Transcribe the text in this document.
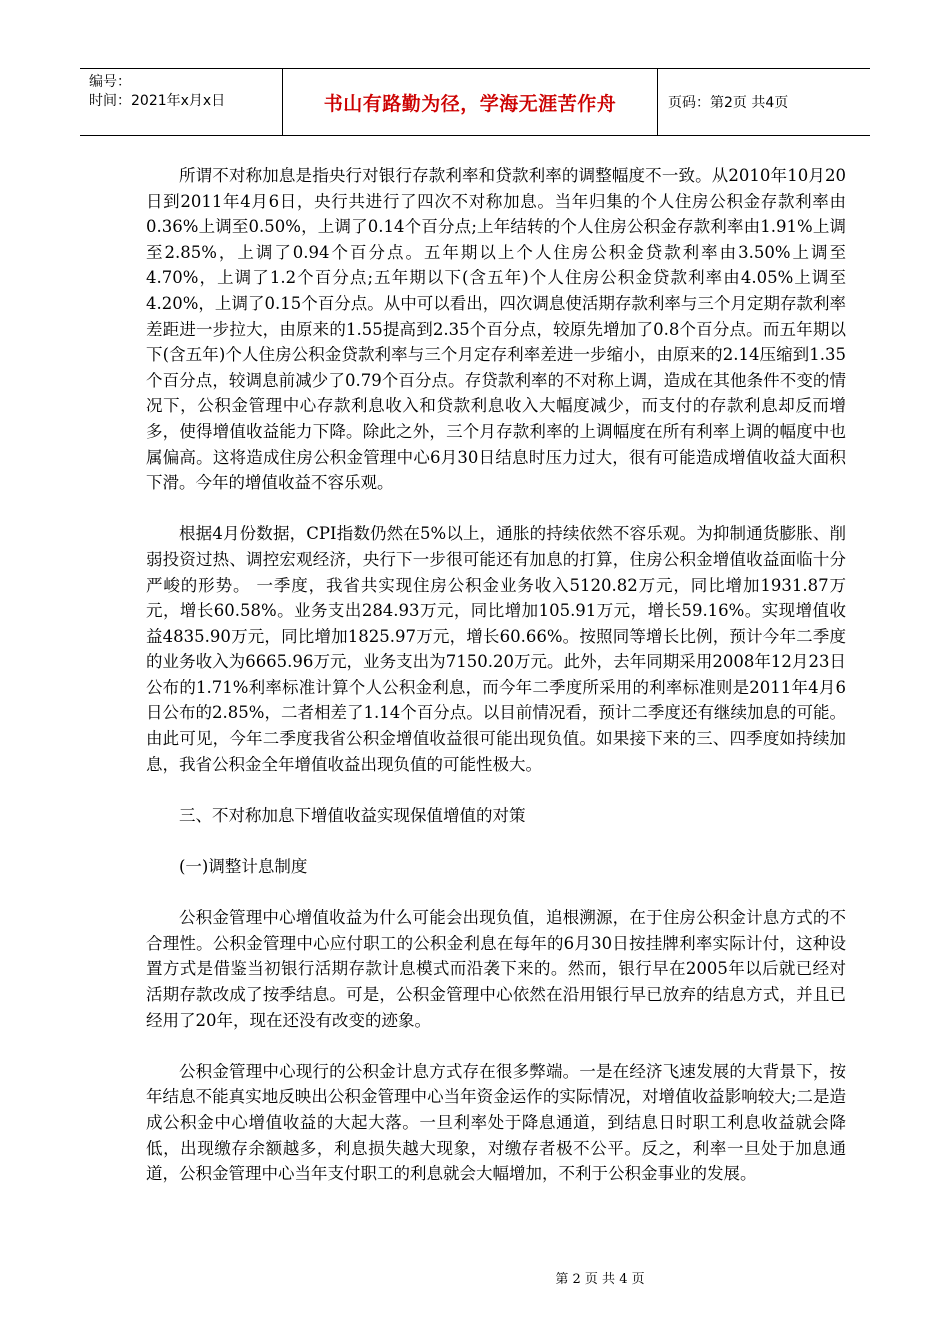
编号：
时间：2021年x月x日	书山有路勤为径，学海无涯苦作舟	页码：第2页 共4页

所谓不对称加息是指央行对银行存款利率和贷款利率的调整幅度不一致。从2010年10月20日到2011年4月6日，央行共进行了四次不对称加息。当年归集的个人住房公积金存款利率由0.36%上调至0.50%，上调了0.14个百分点;上年结转的个人住房公积金存款利率由1.91%上调至2.85%，上调了0.94个百分点。五年期以上个人住房公积金贷款利率由3.50%上调至4.70%，上调了1.2个百分点;五年期以下(含五年)个人住房公积金贷款利率由4.05%上调至4.20%，上调了0.15个百分点。从中可以看出，四次调息使活期存款利率与三个月定期存款利率差距进一步拉大，由原来的1.55提高到2.35个百分点，较原先增加了0.8个百分点。而五年期以下(含五年)个人住房公积金贷款利率与三个月定存利率差进一步缩小，由原来的2.14压缩到1.35个百分点，较调息前减少了0.79个百分点。存贷款利率的不对称上调，造成在其他条件不变的情况下，公积金管理中心存款利息收入和贷款利息收入大幅度减少，而支付的存款利息却反而增多，使得增值收益能力下降。除此之外，三个月存款利率的上调幅度在所有利率上调的幅度中也属偏高。这将造成住房公积金管理中心6月30日结息时压力过大，很有可能造成增值收益大面积下滑。今年的增值收益不容乐观。

根据4月份数据，CPI指数仍然在5%以上，通胀的持续依然不容乐观。为抑制通货膨胀、削弱投资过热、调控宏观经济，央行下一步很可能还有加息的打算，住房公积金增值收益面临十分严峻的形势。 一季度，我省共实现住房公积金业务收入5120.82万元，同比增加1931.87万元，增长60.58%。业务支出284.93万元，同比增加105.91万元，增长59.16%。实现增值收益4835.90万元，同比增加1825.97万元，增长60.66%。按照同等增长比例，预计今年二季度的业务收入为6665.96万元，业务支出为7150.20万元。此外，去年同期采用2008年12月23日公布的1.71%利率标准计算个人公积金利息，而今年二季度所采用的利率标准则是2011年4月6日公布的2.85%，二者相差了1.14个百分点。以目前情况看，预计二季度还有继续加息的可能。由此可见，今年二季度我省公积金增值收益很可能出现负值。如果接下来的三、四季度如持续加息，我省公积金全年增值收益出现负值的可能性极大。

三、不对称加息下增值收益实现保值增值的对策

(一)调整计息制度

公积金管理中心增值收益为什么可能会出现负值，追根溯源，在于住房公积金计息方式的不合理性。公积金管理中心应付职工的公积金利息在每年的6月30日按挂牌利率实际计付，这种设置方式是借鉴当初银行活期存款计息模式而沿袭下来的。然而，银行早在2005年以后就已经对活期存款改成了按季结息。可是，公积金管理中心依然在沿用银行早已放弃的结息方式，并且已经用了20年，现在还没有改变的迹象。

公积金管理中心现行的公积金计息方式存在很多弊端。一是在经济飞速发展的大背景下，按年结息不能真实地反映出公积金管理中心当年资金运作的实际情况，对增值收益影响较大;二是造成公积金中心增值收益的大起大落。一旦利率处于降息通道，到结息日时职工利息收益就会降低，出现缴存余额越多，利息损失越大现象，对缴存者极不公平。反之，利率一旦处于加息通道，公积金管理中心当年支付职工的利息就会大幅增加，不利于公积金事业的发展。

第 2 页 共 4 页
